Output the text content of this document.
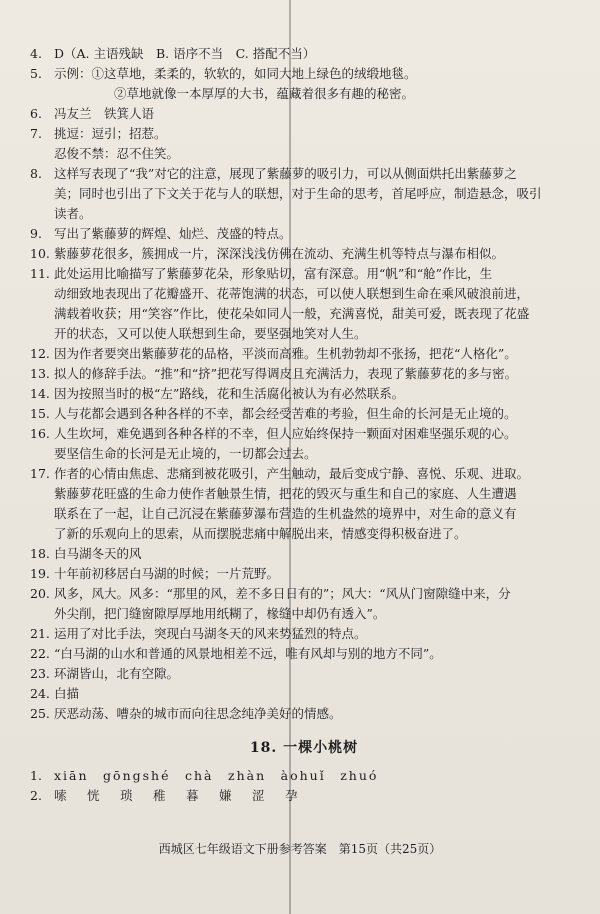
4. D（A. 主语残缺　B. 语序不当　C. 搭配不当）
5. 示例：①这草地，柔柔的，软软的，如同大地上绿色的绒缎地毯。
②草地就像一本厚厚的大书，蕴藏着很多有趣的秘密。
6. 冯友兰　铁箕人语
7. 挑逗：逗引；招惹。
忍俊不禁：忍不住笑。
8. 这样写表现了“我”对它的注意，展现了紫藤萝的吸引力，可以从侧面烘托出紫藤萝之
美；同时也引出了下文关于花与人的联想，对于生命的思考，首尾呼应，制造悬念，吸引
读者。
9. 写出了紫藤萝的辉煌、灿烂、茂盛的特点。
10. 紫藤萝花很多，簇拥成一片，深深浅浅仿佛在流动、充满生机等特点与瀑布相似。
11. 此处运用比喻描写了紫藤萝花朵，形象贴切，富有深意。用“帆”和“舱”作比，生
动细致地表现出了花瓣盛开、花蒂饱满的状态，可以使人联想到生命在乘风破浪前进，
满载着收获；用“笑容”作比，使花朵如同人一般，充满喜悦，甜美可爱，既表现了花盛
开的状态，又可以使人联想到生命，要坚强地笑对人生。
12. 因为作者要突出紫藤萝花的品格，平淡而高雅。生机勃勃却不张扬，把花“人格化”。
13. 拟人的修辞手法。“推”和“挤”把花写得调皮且充满活力，表现了紫藤萝花的多与密。
14. 因为按照当时的极“左”路线，花和生活腐化被认为有必然联系。
15. 人与花都会遇到各种各样的不幸，都会经受苦难的考验，但生命的长河是无止境的。
16. 人生坎坷，难免遇到各种各样的不幸，但人应始终保持一颗面对困难坚强乐观的心。
要坚信生命的长河是无止境的，一切都会过去。
17. 作者的心情由焦虑、悲痛到被花吸引，产生触动，最后变成宁静、喜悦、乐观、进取。
紫藤萝花旺盛的生命力使作者触景生情，把花的毁灭与重生和自己的家庭、人生遭遇
联系在了一起，让自己沉浸在紫藤萝瀑布营造的生机盎然的境界中，对生命的意义有
了新的乐观向上的思索，从而摆脱悲痛中解脱出来，情感变得积极奋进了。
18. 白马湖冬天的风
19. 十年前初移居白马湖的时候；一片荒野。
20. 风多，风大。风多：“那里的风，差不多日日有的”；风大：“风从门窗隙缝中来，分
外尖削，把门缝窗隙厚厚地用纸糊了，椽缝中却仍有透入”。
21. 运用了对比手法，突现白马湖冬天的风来势猛烈的特点。
22. “白马湖的山水和普通的风景地相差不远，唯有风却与别的地方不同”。
23. 环湖皆山，北有空隙。
24. 白描
25. 厌恶动荡、嘈杂的城市而向往思念纯净美好的情感。
18. 一棵小桃树
1. xiān　gōngshé　chà　zhàn　àohuǐ　zhuó
2. 嗦　恍　琐　稚　暮　嫌　涩　孕
西城区七年级语文下册参考答案　第15页（共25页）
